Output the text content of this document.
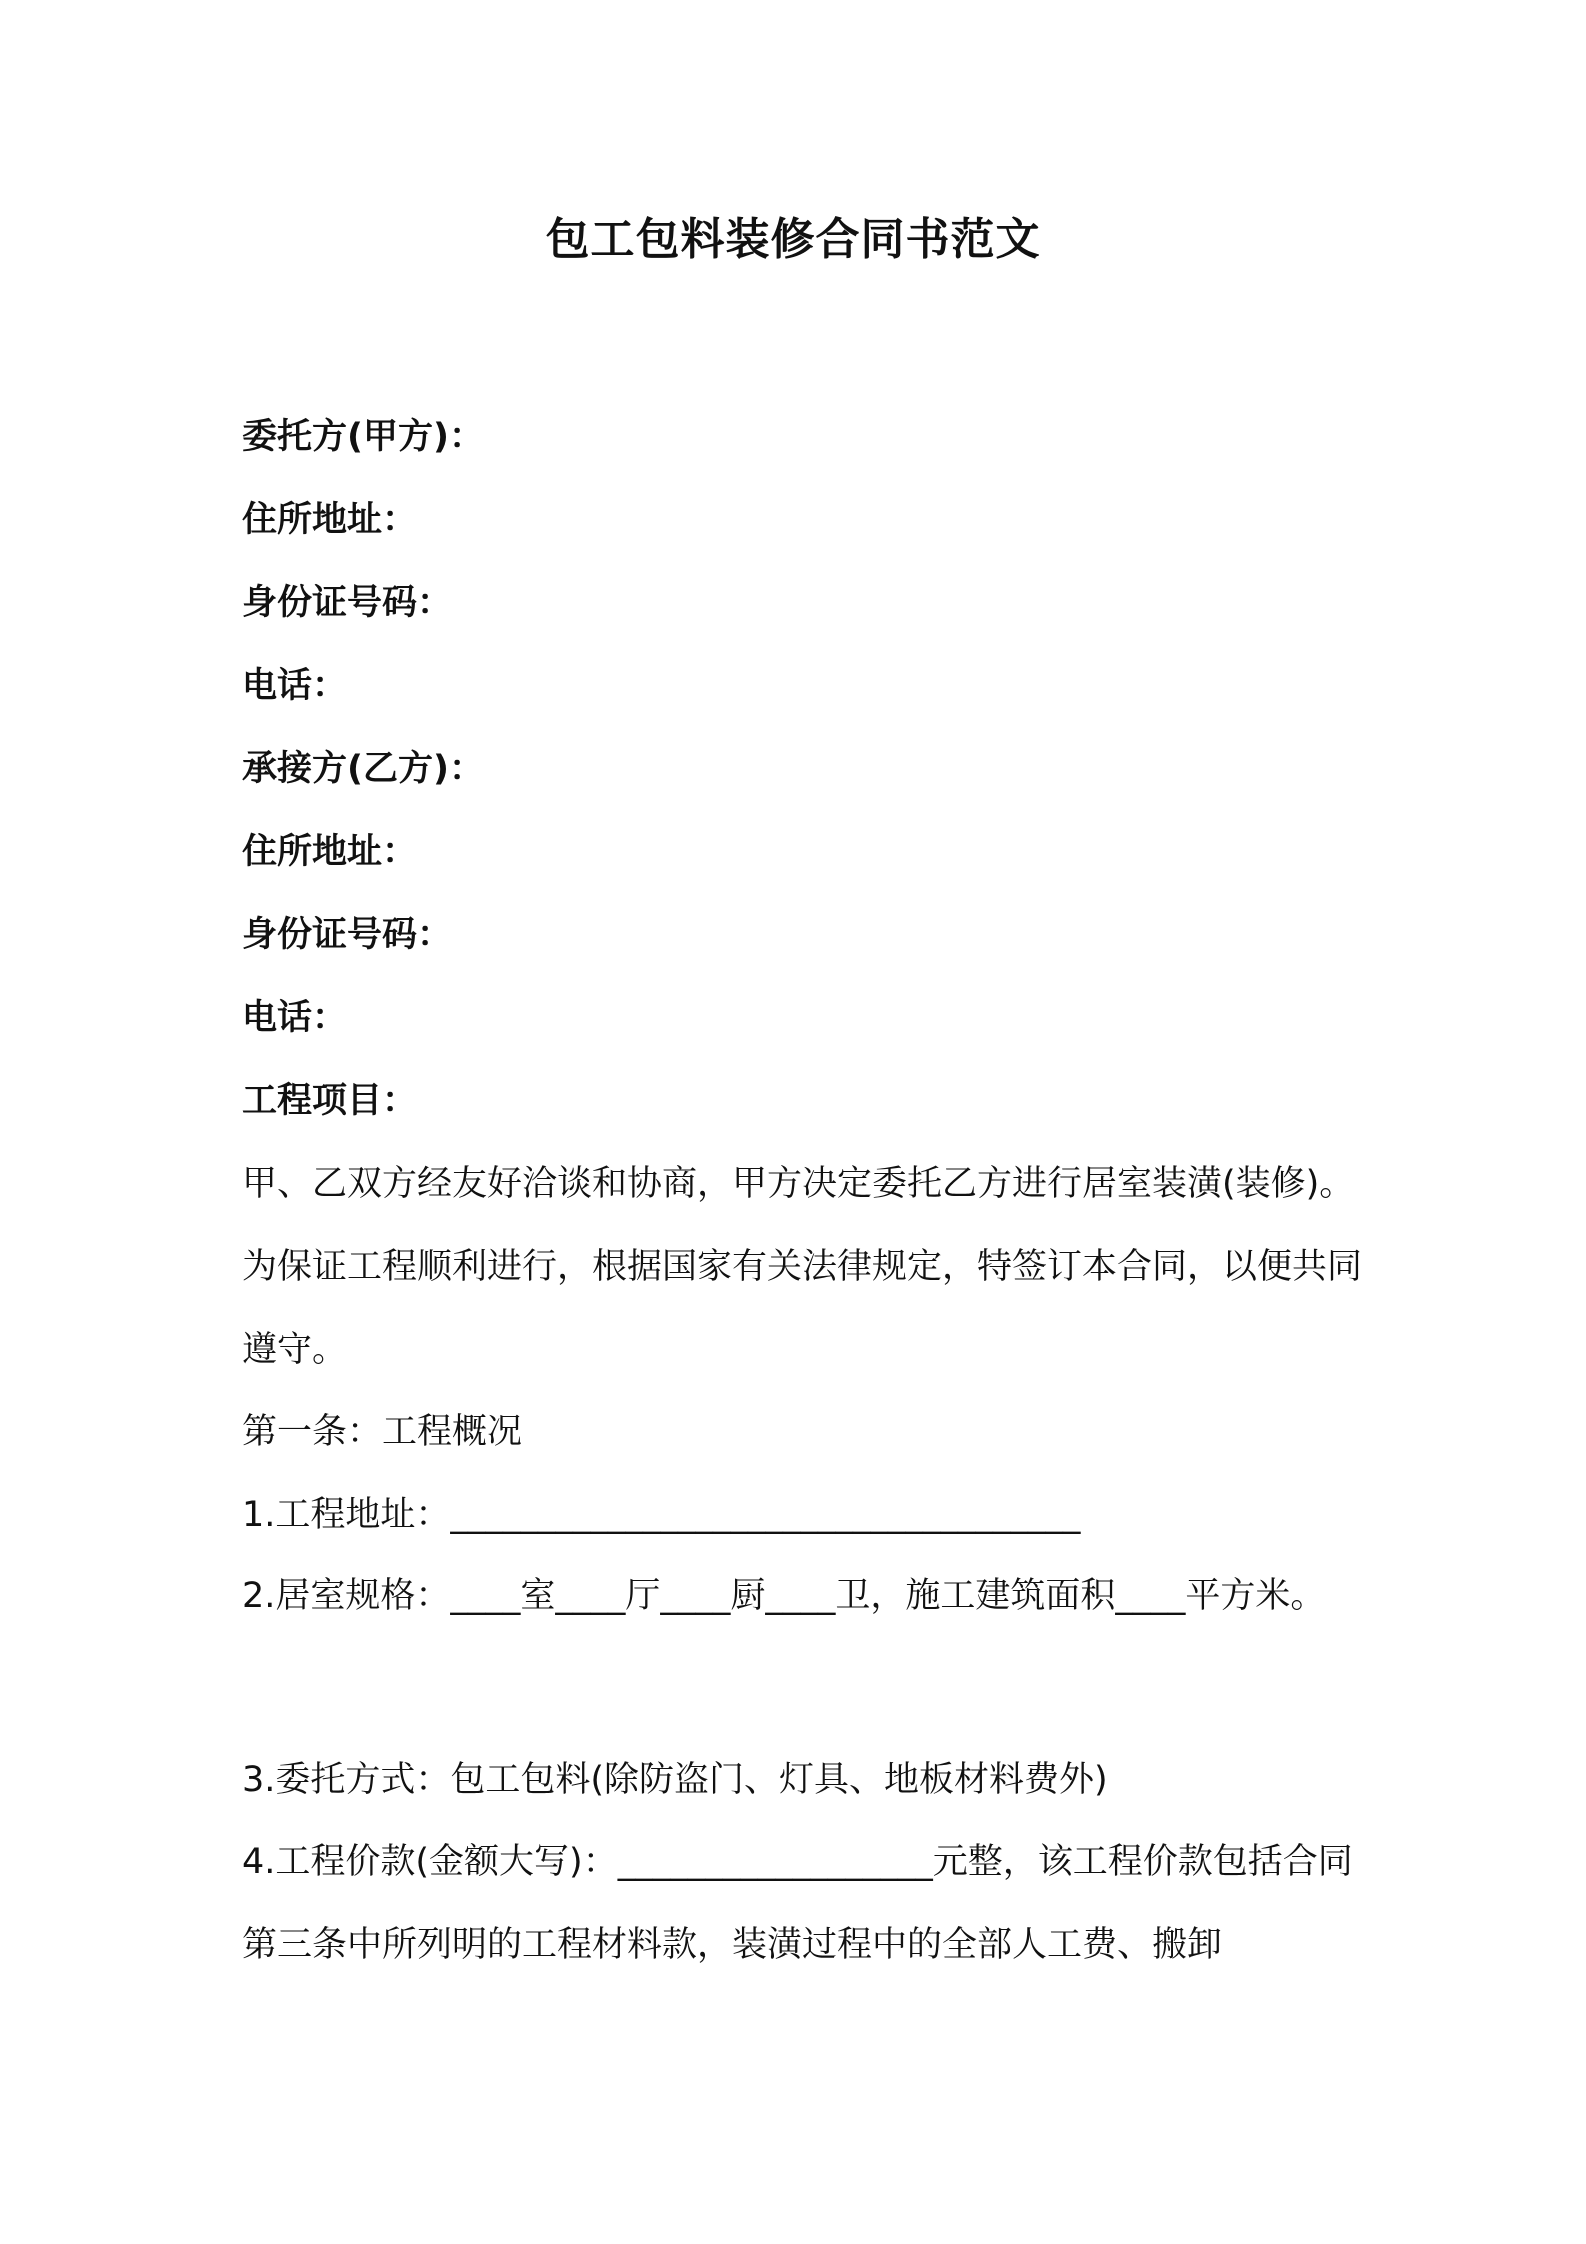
包工包料装修合同书范文
委托方(甲方)：
住所地址：
身份证号码：
电话：
承接方(乙方)：
住所地址：
身份证号码：
电话：
工程项目：
甲、乙双方经友好洽谈和协商，甲方决定委托乙方进行居室装潢(装修)。为保证工程顺利进行，根据国家有关法律规定，特签订本合同，以便共同遵守。
第一条：工程概况
1.工程地址：____________________________________
2.居室规格：____室____厅____厨____卫，施工建筑面积____平方米。
3.委托方式：包工包料(除防盗门、灯具、地板材料费外)
4.工程价款(金额大写)：__________________元整，该工程价款包括合同第三条中所列明的工程材料款，装潢过程中的全部人工费、搬卸
